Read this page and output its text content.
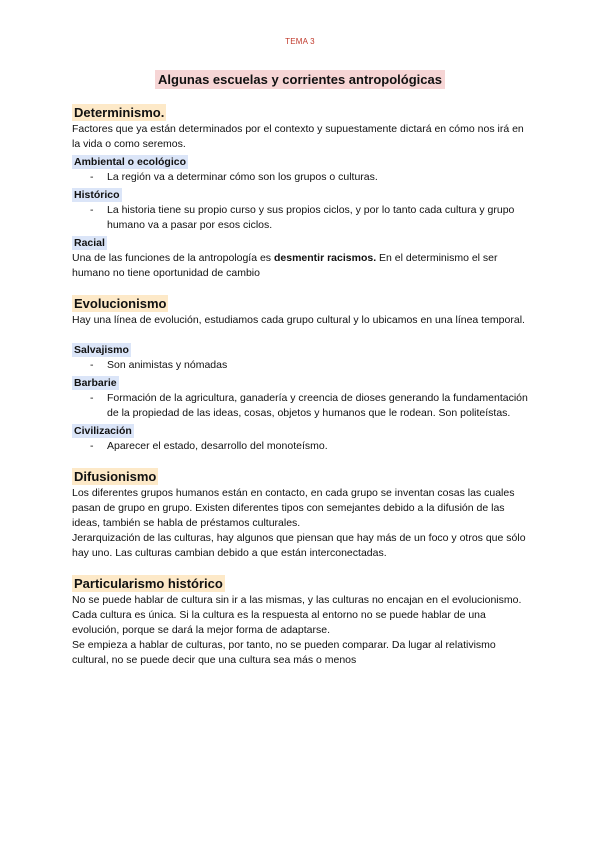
TEMA 3
Algunas escuelas y corrientes antropológicas
Determinismo.

Factores que ya están determinados por el contexto y supuestamente dictará en cómo nos irá en la vida o como seremos.

Ambiental o ecológico
- La región va a determinar cómo son los grupos o culturas.
Histórico
- La historia tiene su propio curso y sus propios ciclos, y por lo tanto cada cultura y grupo humano va a pasar por esos ciclos.
Racial

Una de las funciones de la antropología es desmentir racismos. En el determinismo el ser humano no tiene oportunidad de cambio

Evolucionismo

Hay una línea de evolución, estudiamos cada grupo cultural y lo ubicamos en una línea temporal.

Salvajismo
- Son animistas y nómadas
Barbarie
- Formación de la agricultura, ganadería y creencia de dioses generando la fundamentación de la propiedad de las ideas, cosas, objetos y humanos que le rodean. Son politeístas.
Civilización
- Aparecer el estado, desarrollo del monoteísmo.
Difusionismo

Los diferentes grupos humanos están en contacto, en cada grupo se inventan cosas las cuales pasan de grupo en grupo. Existen diferentes tipos con semejantes debido a la difusión de las ideas, también se habla de préstamos culturales.

Jerarquización de las culturas, hay algunos que piensan que hay más de un foco y otros que sólo hay uno. Las culturas cambian debido a que están interconectadas.

Particularismo histórico

No se puede hablar de cultura sin ir a las mismas, y las culturas no encajan en el evolucionismo.

Cada cultura es única. Si la cultura es la respuesta al entorno no se puede hablar de una evolución, porque se dará la mejor forma de adaptarse.

Se empieza a hablar de culturas, por tanto, no se pueden comparar. Da lugar al relativismo cultural, no se puede decir que una cultura sea más o menos
